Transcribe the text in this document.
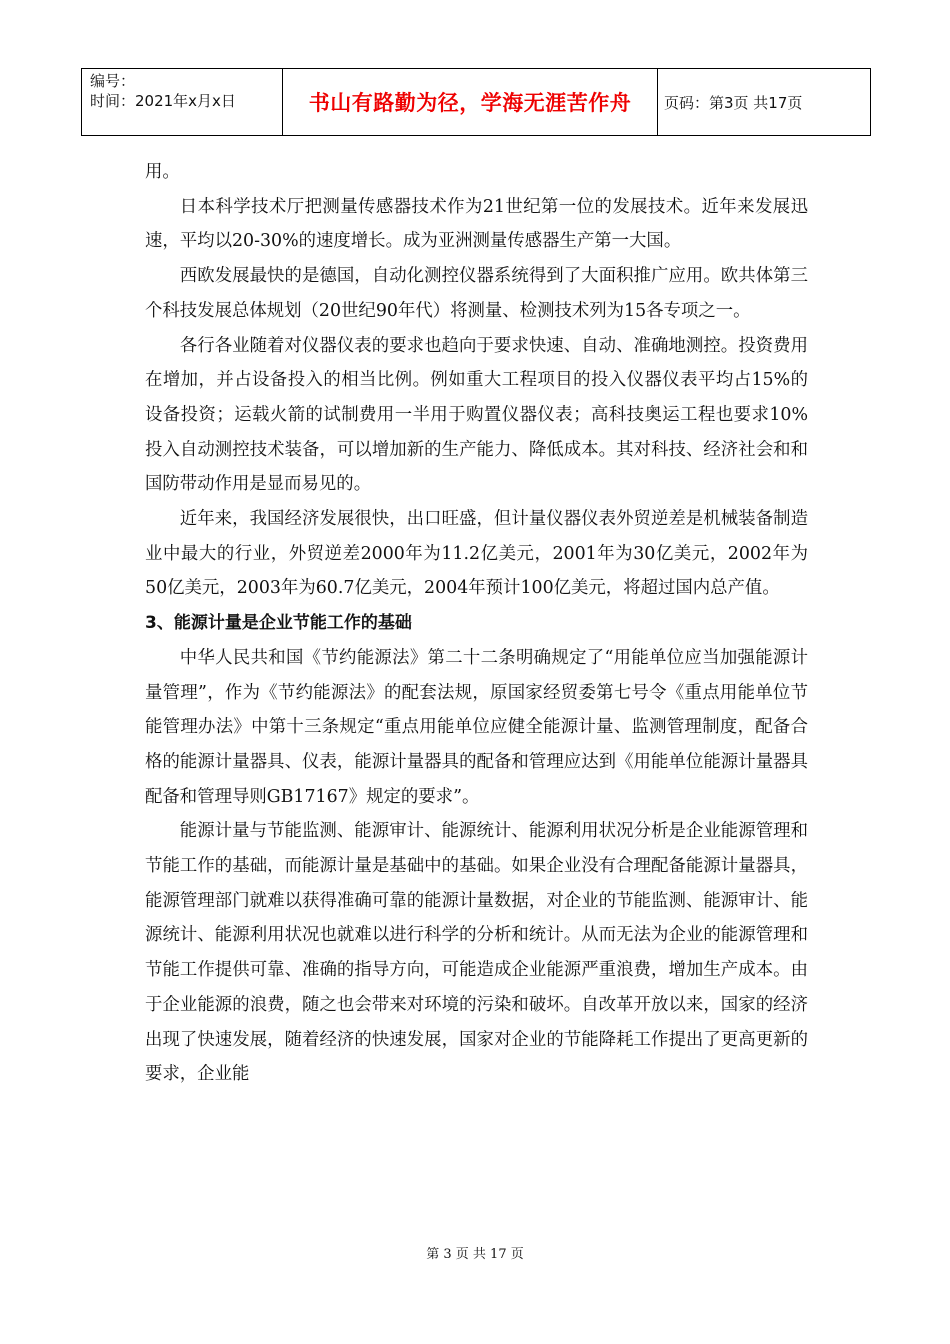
编号：
时间：2021年x月x日	书山有路勤为径，学海无涯苦作舟	页码：第3页 共17页

用。

日本科学技术厅把测量传感器技术作为21世纪第一位的发展技术。近年来发展迅速，平均以20-30%的速度增长。成为亚洲测量传感器生产第一大国。

西欧发展最快的是德国，自动化测控仪器系统得到了大面积推广应用。欧共体第三个科技发展总体规划（20世纪90年代）将测量、检测技术列为15各专项之一。

各行各业随着对仪器仪表的要求也趋向于要求快速、自动、准确地测控。投资费用在增加，并占设备投入的相当比例。例如重大工程项目的投入仪器仪表平均占15%的设备投资；运载火箭的试制费用一半用于购置仪器仪表；高科技奥运工程也要求10%投入自动测控技术装备，可以增加新的生产能力、降低成本。其对科技、经济社会和和国防带动作用是显而易见的。

近年来，我国经济发展很快，出口旺盛，但计量仪器仪表外贸逆差是机械装备制造业中最大的行业，外贸逆差2000年为11.2亿美元，2001年为30亿美元，2002年为50亿美元，2003年为60.7亿美元，2004年预计100亿美元，将超过国内总产值。

3、能源计量是企业节能工作的基础

中华人民共和国《节约能源法》第二十二条明确规定了“用能单位应当加强能源计量管理”，作为《节约能源法》的配套法规，原国家经贸委第七号令《重点用能单位节能管理办法》中第十三条规定“重点用能单位应健全能源计量、监测管理制度，配备合格的能源计量器具、仪表，能源计量器具的配备和管理应达到《用能单位能源计量器具配备和管理导则GB17167》规定的要求”。

能源计量与节能监测、能源审计、能源统计、能源利用状况分析是企业能源管理和节能工作的基础，而能源计量是基础中的基础。如果企业没有合理配备能源计量器具，能源管理部门就难以获得准确可靠的能源计量数据，对企业的节能监测、能源审计、能源统计、能源利用状况也就难以进行科学的分析和统计。从而无法为企业的能源管理和节能工作提供可靠、准确的指导方向，可能造成企业能源严重浪费，增加生产成本。由于企业能源的浪费，随之也会带来对环境的污染和破坏。自改革开放以来，国家的经济出现了快速发展，随着经济的快速发展，国家对企业的节能降耗工作提出了更高更新的要求，企业能

第 3 页 共 17 页
